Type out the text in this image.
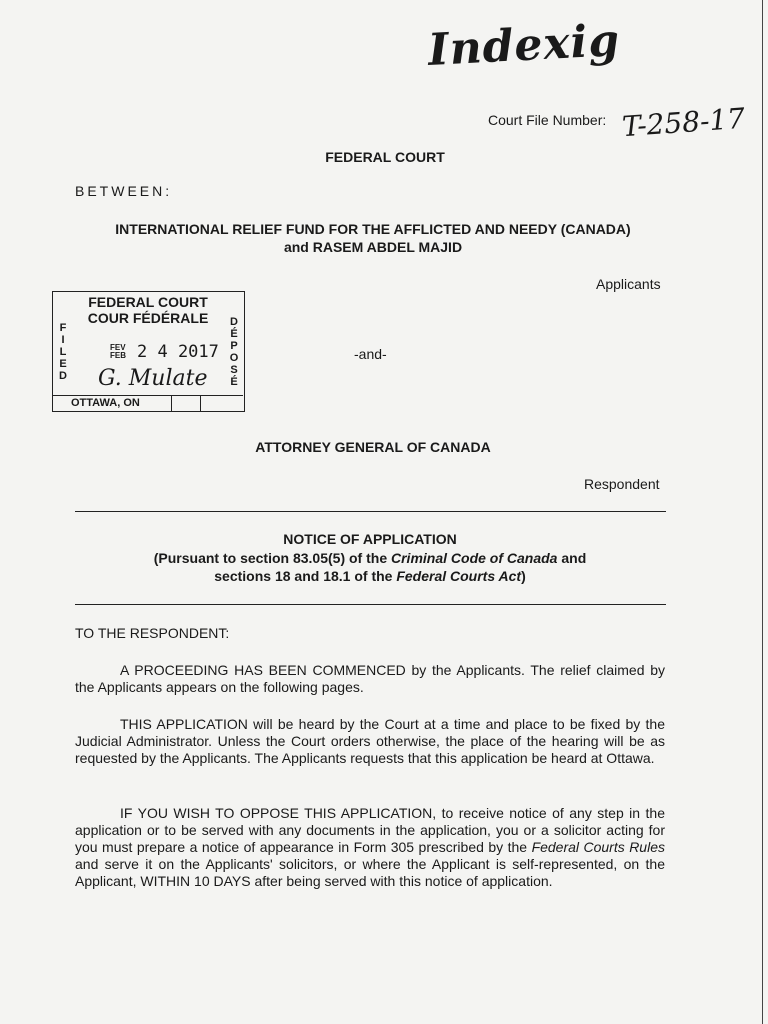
Indexig
Court File Number: T-258-17
FEDERAL COURT
BETWEEN:
INTERNATIONAL RELIEF FUND FOR THE AFFLICTED AND NEEDY (CANADA)
and RASEM ABDEL MAJID
Applicants
FEDERAL COURT
COUR FÉDÉRALE
F
I
L
E
D
D
É
P
O
S
É
FEV FEB 2 4 2017
G. Mulate
OTTAWA, ON
-and-
ATTORNEY GENERAL OF CANADA
Respondent
NOTICE OF APPLICATION
(Pursuant to section 83.05(5) of the Criminal Code of Canada and
sections 18 and 18.1 of the Federal Courts Act)
TO THE RESPONDENT:
A PROCEEDING HAS BEEN COMMENCED by the Applicants. The relief claimed by the Applicants appears on the following pages.
THIS APPLICATION will be heard by the Court at a time and place to be fixed by the Judicial Administrator. Unless the Court orders otherwise, the place of the hearing will be as requested by the Applicants. The Applicants requests that this application be heard at Ottawa.
IF YOU WISH TO OPPOSE THIS APPLICATION, to receive notice of any step in the application or to be served with any documents in the application, you or a solicitor acting for you must prepare a notice of appearance in Form 305 prescribed by the Federal Courts Rules and serve it on the Applicants' solicitors, or where the Applicant is self-represented, on the Applicant, WITHIN 10 DAYS after being served with this notice of application.
